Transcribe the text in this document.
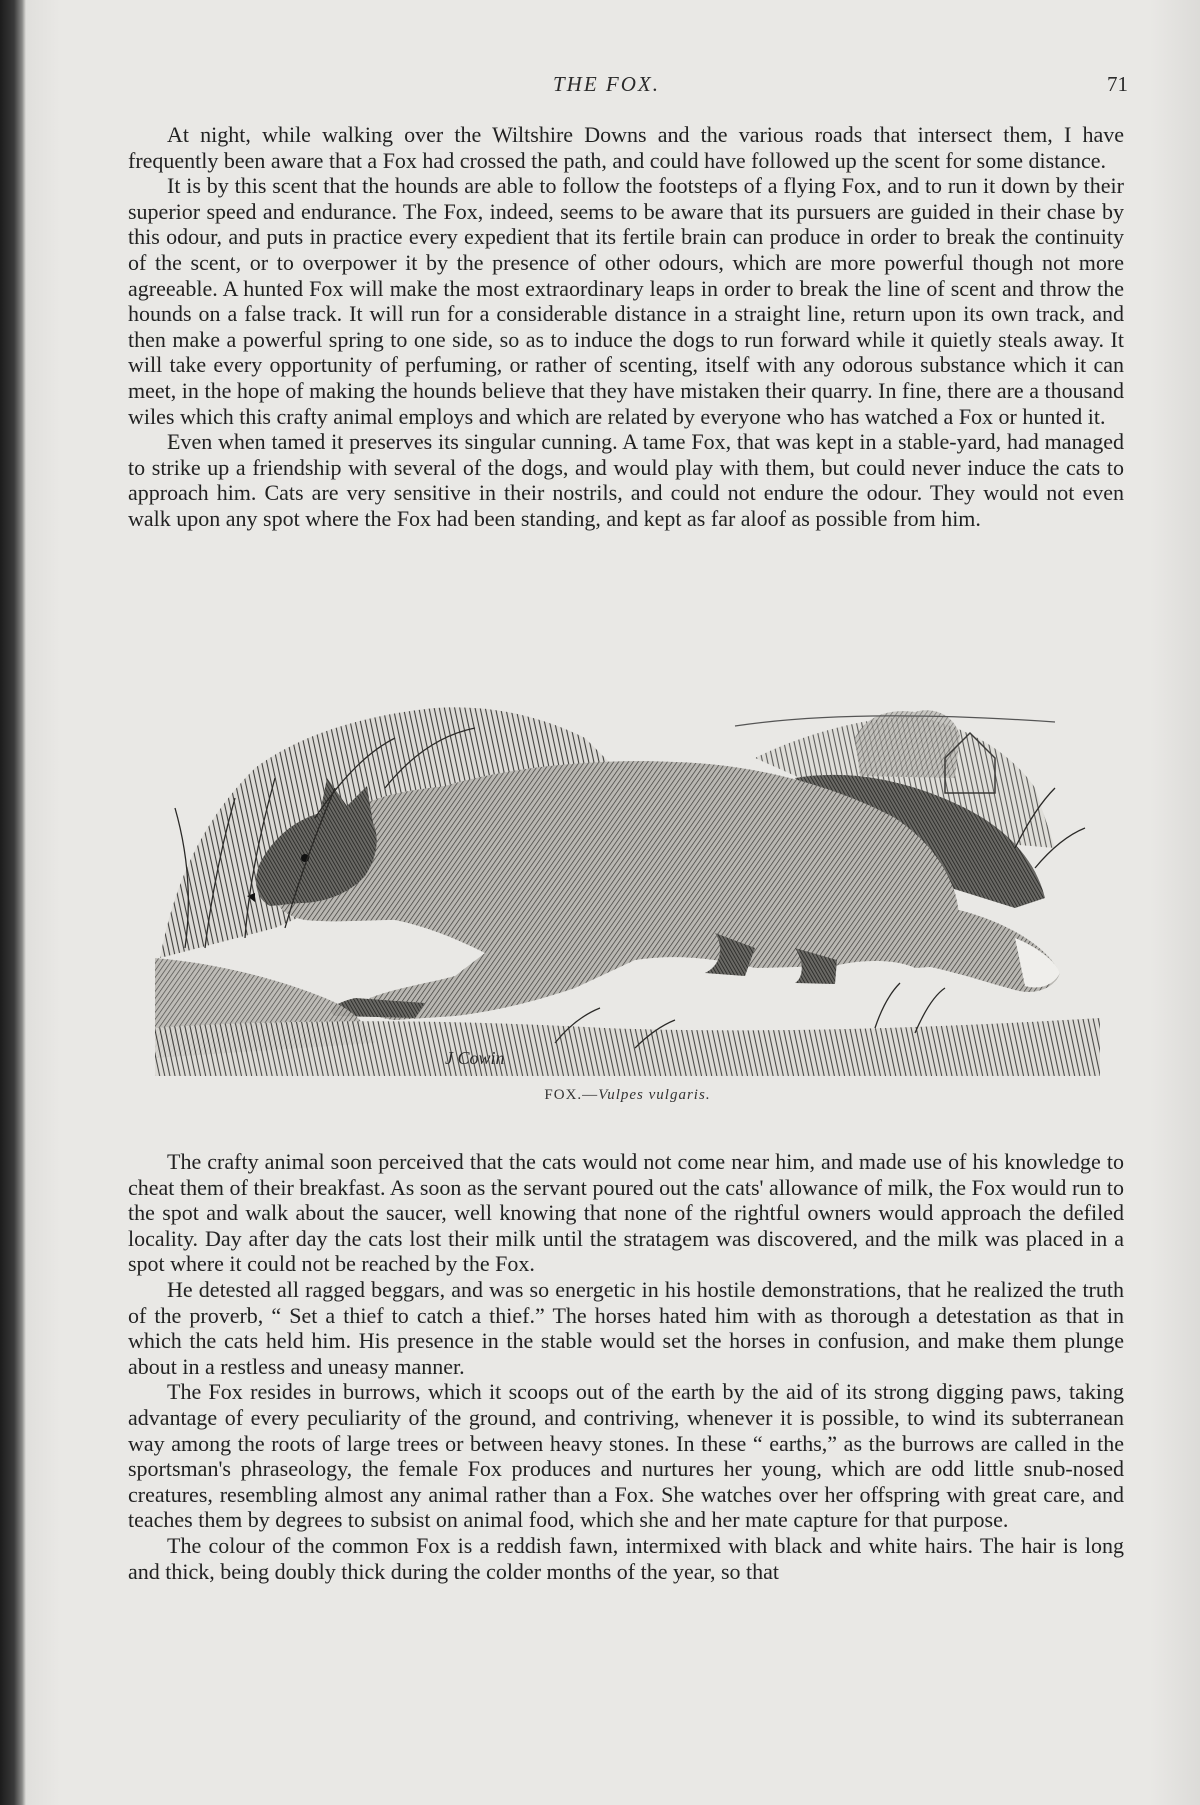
THE FOX.	71

At night, while walking over the Wiltshire Downs and the various roads that intersect them, I have frequently been aware that a Fox had crossed the path, and could have followed up the scent for some distance.

It is by this scent that the hounds are able to follow the footsteps of a flying Fox, and to run it down by their superior speed and endurance. The Fox, indeed, seems to be aware that its pursuers are guided in their chase by this odour, and puts in practice every expedient that its fertile brain can produce in order to break the continuity of the scent, or to overpower it by the presence of other odours, which are more powerful though not more agreeable. A hunted Fox will make the most extraordinary leaps in order to break the line of scent and throw the hounds on a false track. It will run for a considerable distance in a straight line, return upon its own track, and then make a powerful spring to one side, so as to induce the dogs to run forward while it quietly steals away. It will take every opportunity of perfuming, or rather of scenting, itself with any odorous substance which it can meet, in the hope of making the hounds believe that they have mistaken their quarry. In fine, there are a thousand wiles which this crafty animal employs and which are related by everyone who has watched a Fox or hunted it.

Even when tamed it preserves its singular cunning. A tame Fox, that was kept in a stable-yard, had managed to strike up a friendship with several of the dogs, and would play with them, but could never induce the cats to approach him. Cats are very sensitive in their nostrils, and could not endure the odour. They would not even walk upon any spot where the Fox had been standing, and kept as far aloof as possible from him.

J Cowin
FOX.—Vulpes vulgaris.

The crafty animal soon perceived that the cats would not come near him, and made use of his knowledge to cheat them of their breakfast. As soon as the servant poured out the cats' allowance of milk, the Fox would run to the spot and walk about the saucer, well knowing that none of the rightful owners would approach the defiled locality. Day after day the cats lost their milk until the stratagem was discovered, and the milk was placed in a spot where it could not be reached by the Fox.

He detested all ragged beggars, and was so energetic in his hostile demonstrations, that he realized the truth of the proverb, “ Set a thief to catch a thief.” The horses hated him with as thorough a detestation as that in which the cats held him. His presence in the stable would set the horses in confusion, and make them plunge about in a restless and uneasy manner.

The Fox resides in burrows, which it scoops out of the earth by the aid of its strong digging paws, taking advantage of every peculiarity of the ground, and contriving, whenever it is possible, to wind its subterranean way among the roots of large trees or between heavy stones. In these “ earths,” as the burrows are called in the sportsman's phraseology, the female Fox produces and nurtures her young, which are odd little snub-nosed creatures, resembling almost any animal rather than a Fox. She watches over her offspring with great care, and teaches them by degrees to subsist on animal food, which she and her mate capture for that purpose.

The colour of the common Fox is a reddish fawn, intermixed with black and white hairs. The hair is long and thick, being doubly thick during the colder months of the year, so that
